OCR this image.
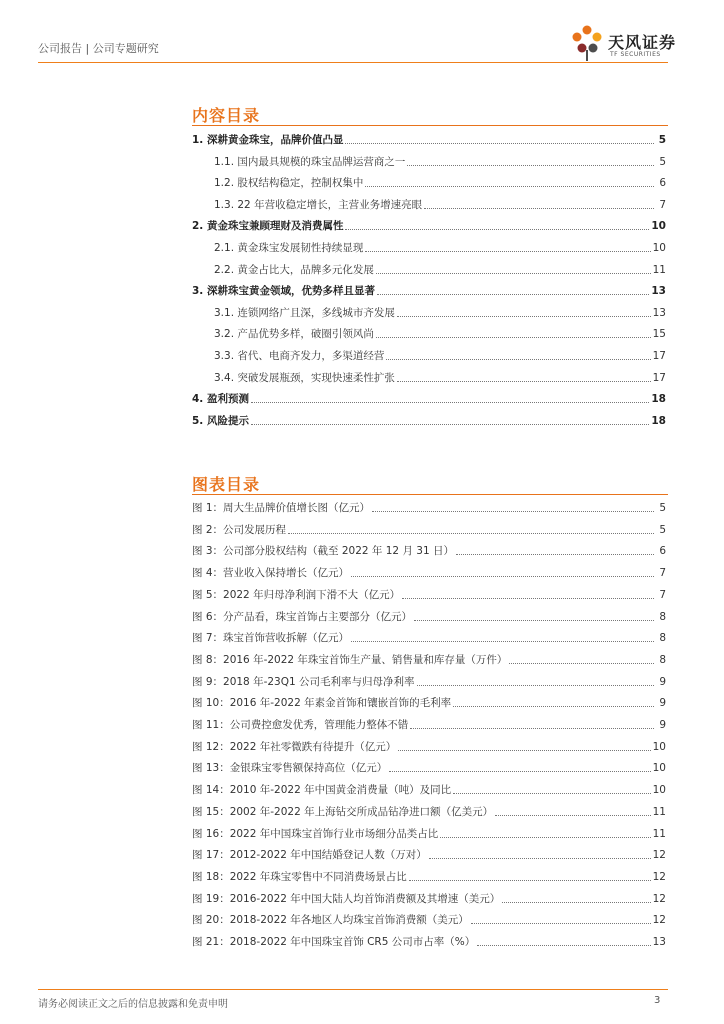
公司报告 | 公司专题研究	天风证券
TF SECURITIES
内容目录
1. 深耕黄金珠宝，品牌价值凸显	5
1.1. 国内最具规模的珠宝品牌运营商之一	5
1.2. 股权结构稳定，控制权集中	6
1.3. 22 年营收稳定增长，主营业务增速亮眼	7
2. 黄金珠宝兼顾理财及消费属性	10
2.1. 黄金珠宝发展韧性持续显现	10
2.2. 黄金占比大，品牌多元化发展	11
3. 深耕珠宝黄金领域，优势多样且显著	13
3.1. 连锁网络广且深，多线城市齐发展	13
3.2. 产品优势多样，破圈引领风尚	15
3.3. 省代、电商齐发力，多渠道经营	17
3.4. 突破发展瓶颈，实现快速柔性扩张	17
4. 盈利预测	18
5. 风险提示	18
图表目录
图 1：周大生品牌价值增长图（亿元）	5
图 2：公司发展历程	5
图 3：公司部分股权结构（截至 2022 年 12 月 31 日）	6
图 4：营业收入保持增长（亿元）	7
图 5：2022 年归母净利润下滑不大（亿元）	7
图 6：分产品看，珠宝首饰占主要部分（亿元）	8
图 7：珠宝首饰营收拆解（亿元）	8
图 8：2016 年-2022 年珠宝首饰生产量、销售量和库存量（万件）	8
图 9：2018 年-23Q1 公司毛利率与归母净利率	9
图 10：2016 年-2022 年素金首饰和镶嵌首饰的毛利率	9
图 11：公司费控愈发优秀，管理能力整体不错	9
图 12：2022 年社零微跌有待提升（亿元）	10
图 13：金银珠宝零售额保持高位（亿元）	10
图 14：2010 年-2022 年中国黄金消费量（吨）及同比	10
图 15：2002 年-2022 年上海钻交所成品钻净进口额（亿美元）	11
图 16：2022 年中国珠宝首饰行业市场细分品类占比	11
图 17：2012-2022 年中国结婚登记人数（万对）	12
图 18：2022 年珠宝零售中不同消费场景占比	12
图 19：2016-2022 年中国大陆人均首饰消费额及其增速（美元）	12
图 20：2018-2022 年各地区人均珠宝首饰消费额（美元）	12
图 21：2018-2022 年中国珠宝首饰 CR5 公司市占率（%）	13
请务必阅读正文之后的信息披露和免责申明	3
